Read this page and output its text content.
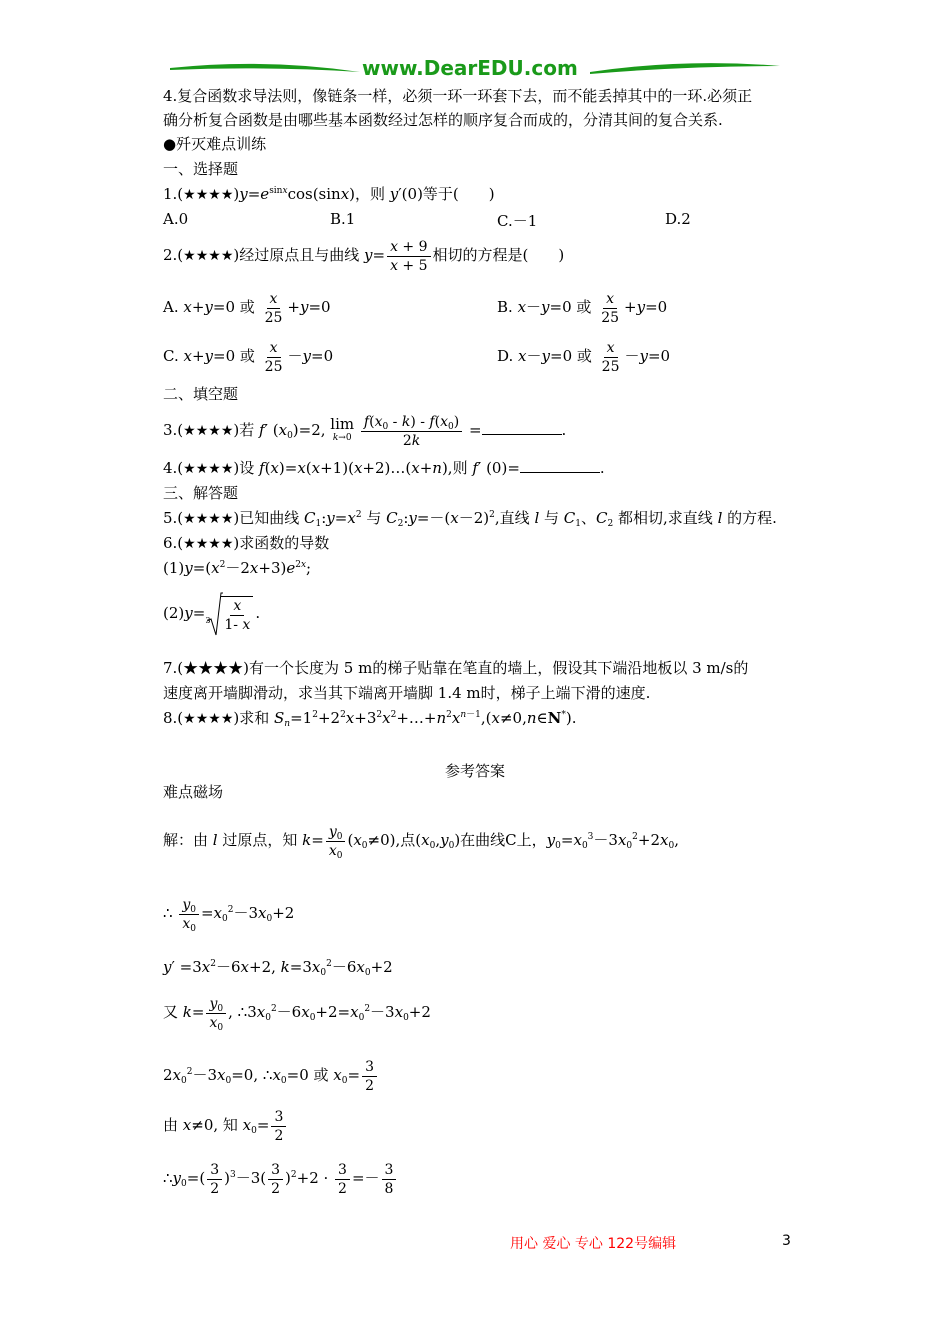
www.DearEDU.com
4.复合函数求导法则，像链条一样，必须一环一环套下去，而不能丢掉其中的一环.必须正
确分析复合函数是由哪些基本函数经过怎样的顺序复合而成的，分清其间的复合关系.
●歼灭难点训练
一、选择题
$1.(★★★★)y=e^{sinx}\cos(\sin x)$，则 y′(0)等于(　　)
A.0	B.1	C.－1	D.2
2.(★★★★)经过原点且与曲线 $y= \frac{x + 9}{x + 5}$ 相切的方程是(　　)
A. x+y=0 或 $\frac{x}{25} +y=0$	B. x－y=0 或 $\frac{x}{25} +y=0$
C. x+y=0 或 $\frac{x}{25} -y=0$	D. x－y=0 或 $\frac{x}{25} -y=0$
二、填空题
3.(★★★★)若 f′ $(x_0)=2$, lim
k→0
$\frac{f(x_0 - k) - f(x_0)}{2k}$ =	.
4.(★★★★)设 f(x)=x(x+1)(x+2)…(x+n),则 f′ (0)=	.
三、解答题
5.(★★★★)已知曲线 $C_1:y=x^2$ 与 $C_2:y=-(x-2)^2$,直线 l 与 $C_1$、$C_2$ 都相切,求直线 l 的方程.
6.(★★★★)求函数的导数
$(1)y=(x^2-2x+3)e^{2x}$;
$(2)y= 3 \frac{x}{1- x}$ .
7.(★★★★)有一个长度为 5 m的梯子贴靠在笔直的墙上，假设其下端沿地板以 3 m/s的
速度离开墙脚滑动，求当其下端离开墙脚 1.4 m时，梯子上端下滑的速度.
8.(★★★★)求和 $S_n=1^2+2^2x+3^2x^2+\dots+n^2x^{n-1},(x\ne 0,n\in N^*)$.
参考答案
难点磁场
解：由 l 过原点，知 $k= \frac{y_0}{x_0} (x_0\ne 0)$,点$(x_0,y_0)$在曲线C上，$y_0=x_0^3-3x_0^2+2x_0$,
∴ $\frac{y_0}{x_0} =x_0^2-3x_0+2$
$y' =3x^2-6x+2$, $k=3x_0^2-6x_0+2$
又 $k= \frac{y_0}{x_0}$ , $\therefore 3x_0^2-6x_0+2=x_0^2-3x_0+2$
$2x_0^2-3x_0=0$, $\therefore x_0=0$ 或 $x_0= \frac{3}{2}$
由 x≠0, 知 $x_0= \frac{3}{2}$
$\therefore y_0=( \frac{3}{2} )^3-3( \frac{3}{2} )^2+2 \cdot \frac{3}{2} =- \frac{3}{8}$
用心 爱心 专心 122号编辑	3
